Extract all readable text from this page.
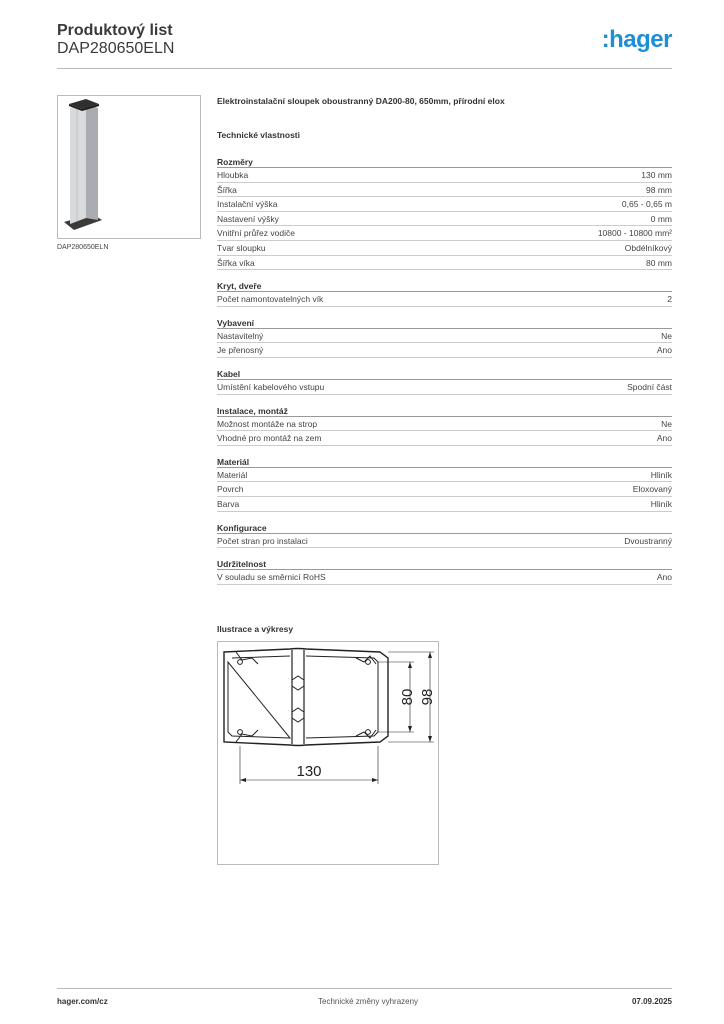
Produktový list
DAP280650ELN	:hager
DAP280650ELN
Elektroinstalační sloupek oboustranný DA200-80, 650mm, přírodní elox
Technické vlastnosti
Rozměry
Hloubka	130 mm
Šířka	98 mm
Instalační výška	0,65 - 0,65 m
Nastavení výšky	0 mm
Vnitřní průřez vodiče	10800 - 10800 mm²
Tvar sloupku	Obdélníkový
Šířka víka	80 mm
Kryt, dveře
Počet namontovatelných vík	2
Vybavení
Nastavitelný	Ne
Je přenosný	Ano
Kabel
Umístění kabelového vstupu	Spodní část
Instalace, montáž
Možnost montáže na strop	Ne
Vhodné pro montáž na zem	Ano
Materiál
Materiál	Hliník
Povrch	Eloxovaný
Barva	Hliník
Konfigurace
Počet stran pro instalaci	Dvoustranný
Udržitelnost
V souladu se směrnicí RoHS	Ano
Ilustrace a výkresy
130
80 98
hager.com/cz	Technické změny vyhrazeny	07.09.2025
